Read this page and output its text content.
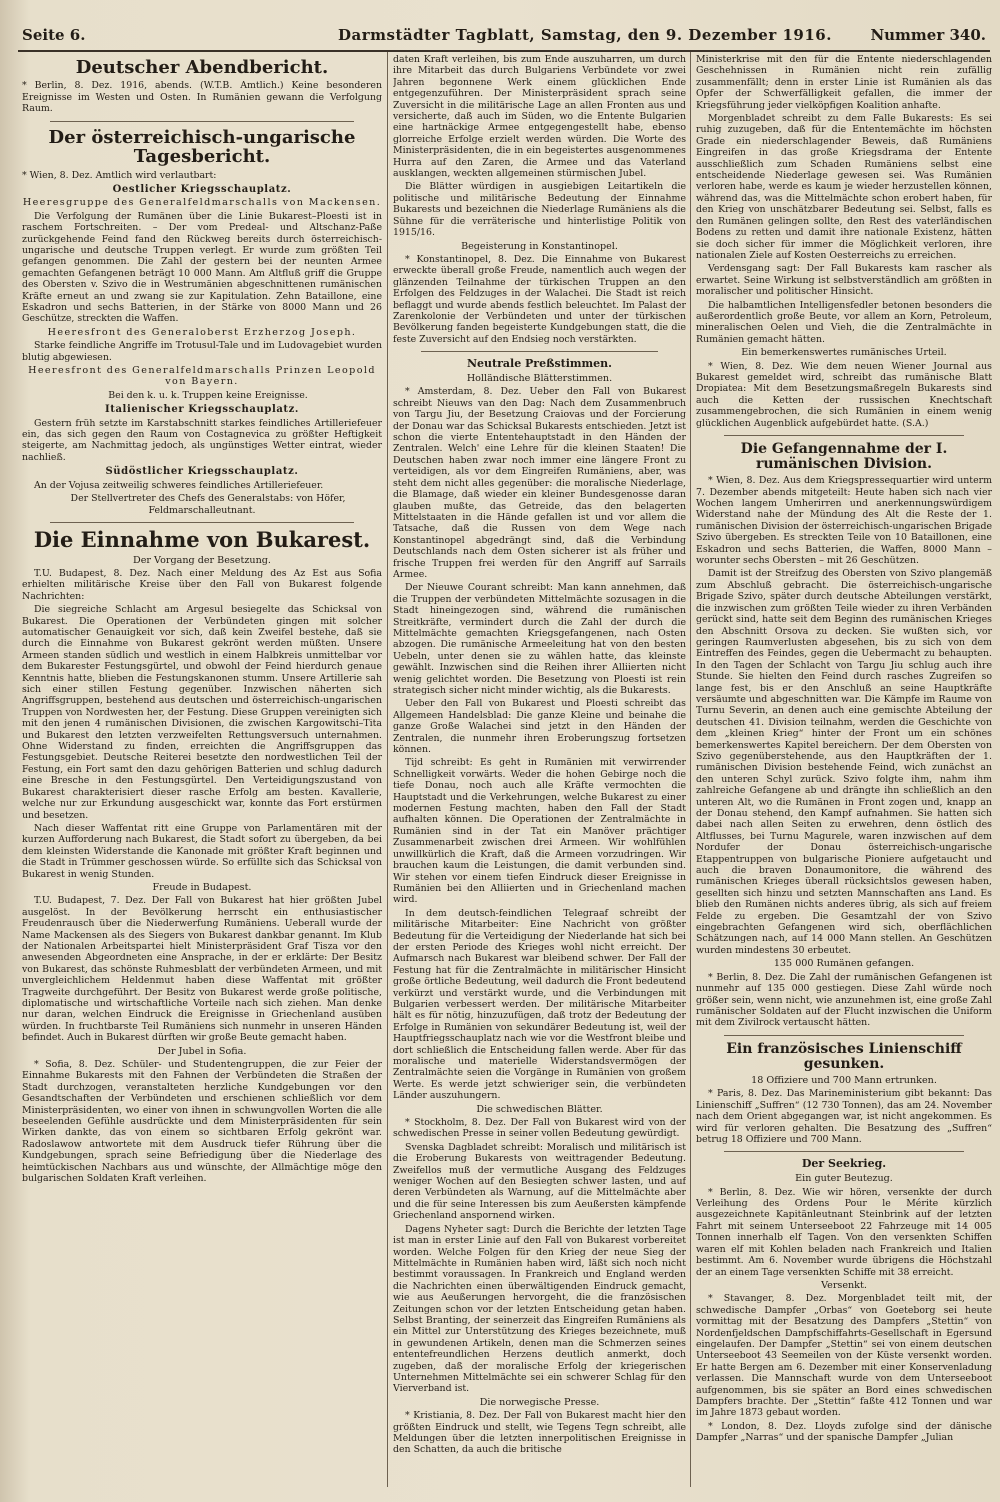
Seite 6.	Darmstädter Tagblatt, Samstag, den 9. Dezember 1916.	Nummer 340.
Deutscher Abendbericht.

* Berlin, 8. Dez. 1916, abends. (W.T.B. Amtlich.) Keine besonderen Ereignisse im Westen und Osten. In Rumänien gewann die Verfolgung Raum.

Der österreichisch-ungarische Tagesbericht.

* Wien, 8. Dez. Amtlich wird verlautbart:

Oestlicher Kriegsschauplatz.
Heeresgruppe des Generalfeldmarschalls von Mackensen.

Die Verfolgung der Rumänen über die Linie Bukarest–Ploesti ist in raschem Fortschreiten. – Der vom Predeal- und Altschanz-Paße zurückgehende Feind fand den Rückweg bereits durch österreichisch-ungarische und deutsche Truppen verlegt. Er wurde zum größten Teil gefangen genommen. Die Zahl der gestern bei der neunten Armee gemachten Gefangenen beträgt 10 000 Mann. Am Altfluß griff die Gruppe des Obersten v. Szivo die in Westrumänien abgeschnittenen rumänischen Kräfte erneut an und zwang sie zur Kapitulation. Zehn Bataillone, eine Eskadron und sechs Batterien, in der Stärke von 8000 Mann und 26 Geschütze, streckten die Waffen.

Heeresfront des Generaloberst Erzherzog Joseph.

Starke feindliche Angriffe im Trotusul-Tale und im Ludovagebiet wurden blutig abgewiesen.

Heeresfront des Generalfeldmarschalls Prinzen Leopold von Bayern.

Bei den k. u. k. Truppen keine Ereignisse.

Italienischer Kriegsschauplatz.

Gestern früh setzte im Karstabschnitt starkes feindliches Artilleriefeuer ein, das sich gegen den Raum von Costagnevica zu größter Heftigkeit steigerte, am Nachmittag jedoch, als ungünstiges Wetter eintrat, wieder nachließ.

Südöstlicher Kriegsschauplatz.

An der Vojusa zeitweilig schweres feindliches Artilleriefeuer.

Der Stellvertreter des Chefs des Generalstabs: von Höfer, Feldmarschalleutnant.

Die Einnahme von Bukarest.
Der Vorgang der Besetzung.

T.U. Budapest, 8. Dez. Nach einer Meldung des Az Est aus Sofia erhielten militärische Kreise über den Fall von Bukarest folgende Nachrichten:

Die siegreiche Schlacht am Argesul besiegelte das Schicksal von Bukarest. Die Operationen der Verbündeten gingen mit solcher automatischer Genauigkeit vor sich, daß kein Zweifel bestehe, daß sie durch die Einnahme von Bukarest gekrönt werden müßten. Unsere Armeen standen südlich und westlich in einem Halbkreis unmittelbar vor dem Bukarester Festungsgürtel, und obwohl der Feind hierdurch genaue Kenntnis hatte, blieben die Festungskanonen stumm. Unsere Artillerie sah sich einer stillen Festung gegenüber. Inzwischen näherten sich Angriffsgruppen, bestehend aus deutschen und österreichisch-ungarischen Truppen von Nordwesten her, der Festung. Diese Gruppen vereinigten sich mit den jenen 4 rumänischen Divisionen, die zwischen Kargowitschi–Tita und Bukarest den letzten verzweifelten Rettungsversuch unternahmen. Ohne Widerstand zu finden, erreichten die Angriffsgruppen das Festungsgebiet. Deutsche Reiterei besetzte den nordwestlichen Teil der Festung, ein Fort samt den dazu gehörigen Batterien und schlug dadurch eine Bresche in den Festungsgürtel. Den Verteidigungszustand von Bukarest charakterisiert dieser rasche Erfolg am besten. Kavallerie, welche nur zur Erkundung ausgeschickt war, konnte das Fort erstürmen und besetzen.

Nach dieser Waffentat ritt eine Gruppe von Parlamentären mit der kurzen Aufforderung nach Bukarest, die Stadt sofort zu übergeben, da bei dem kleinsten Widerstande die Kanonade mit größter Kraft beginnen und die Stadt in Trümmer geschossen würde. So erfüllte sich das Schicksal von Bukarest in wenig Stunden.

Freude in Budapest.

T.U. Budapest, 7. Dez. Der Fall von Bukarest hat hier größten Jubel ausgelöst. In der Bevölkerung herrscht ein enthusiastischer Freudenrausch über die Niederwerfung Rumäniens. Ueberall wurde der Name Mackensen als des Siegers von Bukarest dankbar genannt. Im Klub der Nationalen Arbeitspartei hielt Ministerpräsident Graf Tisza vor den anwesenden Abgeordneten eine Ansprache, in der er erklärte: Der Besitz von Bukarest, das schönste Ruhmesblatt der verbündeten Armeen, und mit unvergleichlichem Heldenmut haben diese Waffentat mit größter Tragweite durchgeführt. Der Besitz von Bukarest werde große politische, diplomatische und wirtschaftliche Vorteile nach sich ziehen. Man denke nur daran, welchen Eindruck die Ereignisse in Griechenland ausüben würden. In fruchtbarste Teil Rumäniens sich nunmehr in unseren Händen befindet. Auch in Bukarest dürften wir große Beute gemacht haben.

Der Jubel in Sofia.

* Sofia, 8. Dez. Schüler- und Studentengruppen, die zur Feier der Einnahme Bukarests mit den Fahnen der Verbündeten die Straßen der Stadt durchzogen, veranstalteten herzliche Kundgebungen vor den Gesandtschaften der Verbündeten und erschienen schließlich vor dem Ministerpräsidenten, wo einer von ihnen in schwungvollen Worten die alle beseelenden Gefühle ausdrückte und dem Ministerpräsidenten für sein Wirken dankte, das von einem so sichtbaren Erfolg gekrönt war. Radoslawow antwortete mit dem Ausdruck tiefer Rührung über die Kundgebungen, sprach seine Befriedigung über die Niederlage des heimtückischen Nachbars aus und wünschte, der Allmächtige möge den bulgarischen Soldaten Kraft verleihen.

daten Kraft verleihen, bis zum Ende auszuharren, um durch ihre Mitarbeit das durch Bulgariens Verbündete vor zwei Jahren begonnene Werk einem glücklichen Ende entgegenzuführen. Der Ministerpräsident sprach seine Zuversicht in die militärische Lage an allen Fronten aus und versicherte, daß auch im Süden, wo die Entente Bulgarien eine hartnäckige Armee entgegengestellt habe, ebenso glorreiche Erfolge erzielt werden würden. Die Worte des Ministerpräsidenten, die in ein begeistertes ausgenommenes Hurra auf den Zaren, die Armee und das Vaterland ausklangen, weckten allgemeinen stürmischen Jubel.

Die Blätter würdigen in ausgiebigen Leitartikeln die politische und militärische Bedeutung der Einnahme Bukarests und bezeichnen die Niederlage Rumäniens als die Sühne für die verräterische und hinterlistige Politik von 1915/16.

Begeisterung in Konstantinopel.

* Konstantinopel, 8. Dez. Die Einnahme von Bukarest erweckte überall große Freude, namentlich auch wegen der glänzenden Teilnahme der türkischen Truppen an den Erfolgen des Feldzuges in der Walachei. Die Stadt ist reich beflaggt und wurde abends festlich beleuchtet. Im Palast der Zarenkolonie der Verbündeten und unter der türkischen Bevölkerung fanden begeisterte Kundgebungen statt, die die feste Zuversicht auf den Endsieg noch verstärkten.

Neutrale Preßstimmen.
Holländische Blätterstimmen.

* Amsterdam, 8. Dez. Ueber den Fall von Bukarest schreibt Nieuws van den Dag: Nach dem Zusammenbruch von Targu Jiu, der Besetzung Craiovas und der Forcierung der Donau war das Schicksal Bukarests entschieden. Jetzt ist schon die vierte Ententehauptstadt in den Händen der Zentralen. Welch' eine Lehre für die kleinen Staaten! Die Deutschen haben zwar noch immer eine längere Front zu verteidigen, als vor dem Eingreifen Rumäniens, aber, was steht dem nicht alles gegenüber: die moralische Niederlage, die Blamage, daß wieder ein kleiner Bundesgenosse daran glauben mußte, das Getreide, das den belagerten Mittelstaaten in die Hände gefallen ist und vor allem die Tatsache, daß die Russen von dem Wege nach Konstantinopel abgedrängt sind, daß die Verbindung Deutschlands nach dem Osten sicherer ist als früher und frische Truppen frei werden für den Angriff auf Sarrails Armee.

Der Nieuwe Courant schreibt: Man kann annehmen, daß die Truppen der verbündeten Mittelmächte sozusagen in die Stadt hineingezogen sind, während die rumänischen Streitkräfte, vermindert durch die Zahl der durch die Mittelmächte gemachten Kriegsgefangenen, nach Osten abzogen. Die rumänische Armeeleitung hat von den besten Uebeln, unter denen sie zu wählen hatte, das kleinste gewählt. Inzwischen sind die Reihen ihrer Alliierten nicht wenig gelichtet worden. Die Besetzung von Ploesti ist rein strategisch sicher nicht minder wichtig, als die Bukarests.

Ueber den Fall von Bukarest und Ploesti schreibt das Allgemeen Handelsblad: Die ganze Kleine und beinahe die ganze Große Walachei sind jetzt in den Händen der Zentralen, die nunmehr ihren Eroberungszug fortsetzen können.

Tijd schreibt: Es geht in Rumänien mit verwirrender Schnelligkeit vorwärts. Weder die hohen Gebirge noch die tiefe Donau, noch auch alle Kräfte vermochten die Hauptstadt und die Verkehrungen, welche Bukarest zu einer modernen Festung machten, haben den Fall der Stadt aufhalten können. Die Operationen der Zentralmächte in Rumänien sind in der Tat ein Manöver prächtiger Zusammenarbeit zwischen drei Armeen. Wir wohlfühlen unwillkürlich die Kraft, daß die Armeen vorzudringen. Wir brauchen kaum die Leistungen, die damit verbunden sind. Wir stehen vor einem tiefen Eindruck dieser Ereignisse in Rumänien bei den Alliierten und in Griechenland machen wird.

In dem deutsch-feindlichen Telegraaf schreibt der militärische Mitarbeiter: Eine Nachricht von größter Bedeutung für die Verteidigung der Niederlande hat sich bei der ersten Periode des Krieges wohl nicht erreicht. Der Aufmarsch nach Bukarest war bleibend schwer. Der Fall der Festung hat für die Zentralmächte in militärischer Hinsicht große örtliche Bedeutung, weil dadurch die Front bedeutend verkürzt und verstärkt wurde, und die Verbindungen mit Bulgarien verbessert werden. Der militärische Mitarbeiter hält es für nötig, hinzuzufügen, daß trotz der Bedeutung der Erfolge in Rumänien von sekundärer Bedeutung ist, weil der Hauptfriegsschauplatz nach wie vor die Westfront bleibe und dort schließlich die Entscheidung fallen werde. Aber für das moralische und materielle Widerstandsvermögen der Zentralmächte seien die Vorgänge in Rumänien von großem Werte. Es werde jetzt schwieriger sein, die verbündeten Länder auszuhungern.

Die schwedischen Blätter.

* Stockholm, 8. Dez. Der Fall von Bukarest wird von der schwedischen Presse in seiner vollen Bedeutung gewürdigt.

Svenska Dagbladet schreibt: Moralisch und militärisch ist die Eroberung Bukarests von weittragender Bedeutung. Zweifellos muß der vermutliche Ausgang des Feldzuges weniger Wochen auf den Besiegten schwer lasten, und auf deren Verbündeten als Warnung, auf die Mittelmächte aber und die für seine Interessen bis zum Aeußersten kämpfende Griechenland anspornend wirken.

Dagens Nyheter sagt: Durch die Berichte der letzten Tage ist man in erster Linie auf den Fall von Bukarest vorbereitet worden. Welche Folgen für den Krieg der neue Sieg der Mittelmächte in Rumänien haben wird, läßt sich noch nicht bestimmt voraussagen. In Frankreich und England werden die Nachrichten einen überwältigenden Eindruck gemacht, wie aus Aeußerungen hervorgeht, die die französischen Zeitungen schon vor der letzten Entscheidung getan haben. Selbst Branting, der seinerzeit das Eingreifen Rumäniens als ein Mittel zur Unterstützung des Krieges bezeichnete, muß in gewundenen Artikeln, denen man die Schmerzen seines ententefreundlichen Herzens deutlich anmerkt, doch zugeben, daß der moralische Erfolg der kriegerischen Unternehmen Mittelmächte sei ein schwerer Schlag für den Vierverband ist.

Die norwegische Presse.

* Kristiania, 8. Dez. Der Fall von Bukarest macht hier den größten Eindruck und stellt, wie Tegens Tegn schreibt, alle Meldungen über die letzten innerpolitischen Ereignisse in den Schatten, da auch die britische

Ministerkrise mit den für die Entente niederschlagenden Geschehnissen in Rumänien nicht rein zufällig zusammenfällt; denn in erster Linie ist Rumänien als das Opfer der Schwerfälligkeit gefallen, die immer der Kriegsführung jeder vielköpfigen Koalition anhafte.

Morgenbladet schreibt zu dem Falle Bukarests: Es sei ruhig zuzugeben, daß für die Ententemächte im höchsten Grade ein niederschlagender Beweis, daß Rumäniens Eingreifen in das große Kriegsdrama der Entente ausschließlich zum Schaden Rumäniens selbst eine entscheidende Niederlage gewesen sei. Was Rumänien verloren habe, werde es kaum je wieder herzustellen können, während das, was die Mittelmächte schon erobert haben, für den Krieg von unschätzbarer Bedeutung sei. Selbst, falls es den Rumänen gelingen sollte, den Rest des vaterländischen Bodens zu retten und damit ihre nationale Existenz, hätten sie doch sicher für immer die Möglichkeit verloren, ihre nationalen Ziele auf Kosten Oesterreichs zu erreichen.

Verdensgang sagt: Der Fall Bukarests kam rascher als erwartet. Seine Wirkung ist selbstverständlich am größten in moralischer und politischer Hinsicht.

Die halbamtlichen Intelligensfedler betonen besonders die außerordentlich große Beute, vor allem an Korn, Petroleum, mineralischen Oelen und Vieh, die die Zentralmächte in Rumänien gemacht hätten.

Ein bemerkenswertes rumänisches Urteil.

* Wien, 8. Dez. Wie dem neuen Wiener Journal aus Bukarest gemeldet wird, schreibt das rumänische Blatt Dropiatea: Mit dem Besetzungsmaßregeln Bukarests sind auch die Ketten der russischen Knechtschaft zusammengebrochen, die sich Rumänien in einem wenig glücklichen Augenblick aufgebürdet hatte. (S.A.)

Die Gefangennahme der I. rumänischen Division.

* Wien, 8. Dez. Aus dem Kriegspressequartier wird unterm 7. Dezember abends mitgeteilt: Heute haben sich nach vier Wochen langem Umherirren und anerkennungswürdigem Widerstand nahe der Mündung des Alt die Reste der 1. rumänischen Division der österreichisch-ungarischen Brigade Szivo übergeben. Es streckten Teile von 10 Bataillonen, eine Eskadron und sechs Batterien, die Waffen, 8000 Mann – worunter sechs Obersten – mit 26 Geschützen.

Damit ist der Streifzug des Obersten von Szivo plangemäß zum Abschluß gebracht. Die österreichisch-ungarische Brigade Szivo, später durch deutsche Abteilungen verstärkt, die inzwischen zum größten Teile wieder zu ihren Verbänden gerückt sind, hatte seit dem Beginn des rumänischen Krieges den Abschnitt Orsova zu decken. Sie wußten sich, vor geringen Raumverlusten abgesehen, bis zu sich von dem Eintreffen des Feindes, gegen die Uebermacht zu behaupten. In den Tagen der Schlacht von Targu Jiu schlug auch ihre Stunde. Sie hielten den Feind durch rasches Zugreifen so lange fest, bis er den Anschluß an seine Hauptkräfte versäumte und abgeschnitten war. Die Kämpfe im Raume von Turnu Severin, an denen auch eine gemischte Abteilung der deutschen 41. Division teilnahm, werden die Geschichte von dem „kleinen Krieg“ hinter der Front um ein schönes bemerkenswertes Kapitel bereichern. Der dem Obersten von Szivo gegenüberstehende, aus den Hauptkräften der 1. rumänischen Division bestehende Feind, wich zunächst an den unteren Schyl zurück. Szivo folgte ihm, nahm ihm zahlreiche Gefangene ab und drängte ihn schließlich an den unteren Alt, wo die Rumänen in Front zogen und, knapp an der Donau stehend, den Kampf aufnahmen. Sie hatten sich dabei nach allen Seiten zu erwehren, denn östlich des Altflusses, bei Turnu Magurele, waren inzwischen auf dem Nordufer der Donau österreichisch-ungarische Etappentruppen von bulgarische Pioniere aufgetaucht und auch die braven Donaumonitore, die während des rumänischen Krieges überall rücksichtslos gewesen haben, gesellten sich hinzu und setzten Mannschaften ans Land. Es blieb den Rumänen nichts anderes übrig, als sich auf freiem Felde zu ergeben. Die Gesamtzahl der von Szivo eingebrachten Gefangenen wird sich, oberflächlichen Schätzungen nach, auf 14 000 Mann stellen. An Geschützen wurden mindestens 30 erbeutet.

135 000 Rumänen gefangen.

* Berlin, 8. Dez. Die Zahl der rumänischen Gefangenen ist nunmehr auf 135 000 gestiegen. Diese Zahl würde noch größer sein, wenn nicht, wie anzunehmen ist, eine große Zahl rumänischer Soldaten auf der Flucht inzwischen die Uniform mit dem Zivilrock vertauscht hätten.

Ein französisches Linienschiff gesunken.
18 Offiziere und 700 Mann ertrunken.

* Paris, 8. Dez. Das Marineministerium gibt bekannt: Das Linienschiff „Suffren“ (12 730 Tonnen), das am 24. November nach dem Orient abgegangen war, ist nicht angekommen. Es wird für verloren gehalten. Die Besatzung des „Suffren“ betrug 18 Offiziere und 700 Mann.

Der Seekrieg.
Ein guter Beutezug.

* Berlin, 8. Dez. Wie wir hören, versenkte der durch Verleihung des Ordens Pour le Mérite kürzlich ausgezeichnete Kapitänleutnant Steinbrink auf der letzten Fahrt mit seinem Unterseeboot 22 Fahrzeuge mit 14 005 Tonnen innerhalb elf Tagen. Von den versenkten Schiffen waren elf mit Kohlen beladen nach Frankreich und Italien bestimmt. Am 6. November wurde übrigens die Höchstzahl der an einem Tage versenkten Schiffe mit 38 erreicht.

Versenkt.

* Stavanger, 8. Dez. Morgenbladet teilt mit, der schwedische Dampfer „Orbas“ von Goeteborg sei heute vormittag mit der Besatzung des Dampfers „Stettin“ von Nordenfjeldschen Dampfschiffahrts-Gesellschaft in Egersund eingelaufen. Der Dampfer „Stettin“ sei von einem deutschen Unterseeboot 43 Seemeilen von der Küste versenkt worden. Er hatte Bergen am 6. Dezember mit einer Konservenladung verlassen. Die Mannschaft wurde von dem Unterseeboot aufgenommen, bis sie später an Bord eines schwedischen Dampfers brachte. Der „Stettin“ faßte 412 Tonnen und war im Jahre 1873 gebaut worden.

* London, 8. Dez. Lloyds zufolge sind der dänische Dampfer „Narras“ und der spanische Dampfer „Julian
